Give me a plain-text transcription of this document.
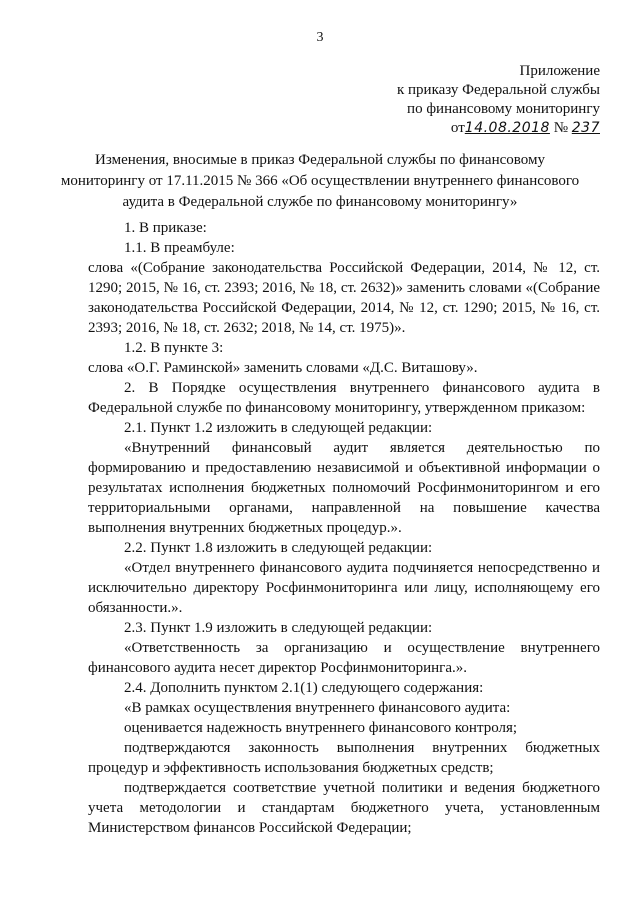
3
Приложение
к приказу Федеральной службы
по финансовому мониторингу
от14.08.2018 № 237
Изменения, вносимые в приказ Федеральной службы по финансовому мониторингу от 17.11.2015 № 366 «Об осуществлении внутреннего финансового аудита в Федеральной службе по финансовому мониторингу»

1. В приказе:

1.1. В преамбуле:

слова «(Собрание законодательства Российской Федерации, 2014, № 12, ст. 1290; 2015, № 16, ст. 2393; 2016, № 18, ст. 2632)» заменить словами «(Собрание законодательства Российской Федерации, 2014, № 12, ст. 1290; 2015, № 16, ст. 2393; 2016, № 18, ст. 2632; 2018, № 14, ст. 1975)».

1.2. В пункте 3:

слова «О.Г. Раминской» заменить словами «Д.С. Виташову».

2. В Порядке осуществления внутреннего финансового аудита в Федеральной службе по финансовому мониторингу, утвержденном приказом:

2.1. Пункт 1.2 изложить в следующей редакции:

«Внутренний финансовый аудит является деятельностью по формированию и предоставлению независимой и объективной информации о результатах исполнения бюджетных полномочий Росфинмониторингом и его территориальными органами, направленной на повышение качества выполнения внутренних бюджетных процедур.».

2.2. Пункт 1.8 изложить в следующей редакции:

«Отдел внутреннего финансового аудита подчиняется непосредственно и исключительно директору Росфинмониторинга или лицу, исполняющему его обязанности.».

2.3. Пункт 1.9 изложить в следующей редакции:

«Ответственность за организацию и осуществление внутреннего финансового аудита несет директор Росфинмониторинга.».

2.4. Дополнить пунктом 2.1(1) следующего содержания:

«В рамках осуществления внутреннего финансового аудита:

оценивается надежность внутреннего финансового контроля;

подтверждаются законность выполнения внутренних бюджетных процедур и эффективность использования бюджетных средств;

подтверждается соответствие учетной политики и ведения бюджетного учета методологии и стандартам бюджетного учета, установленным Министерством финансов Российской Федерации;
